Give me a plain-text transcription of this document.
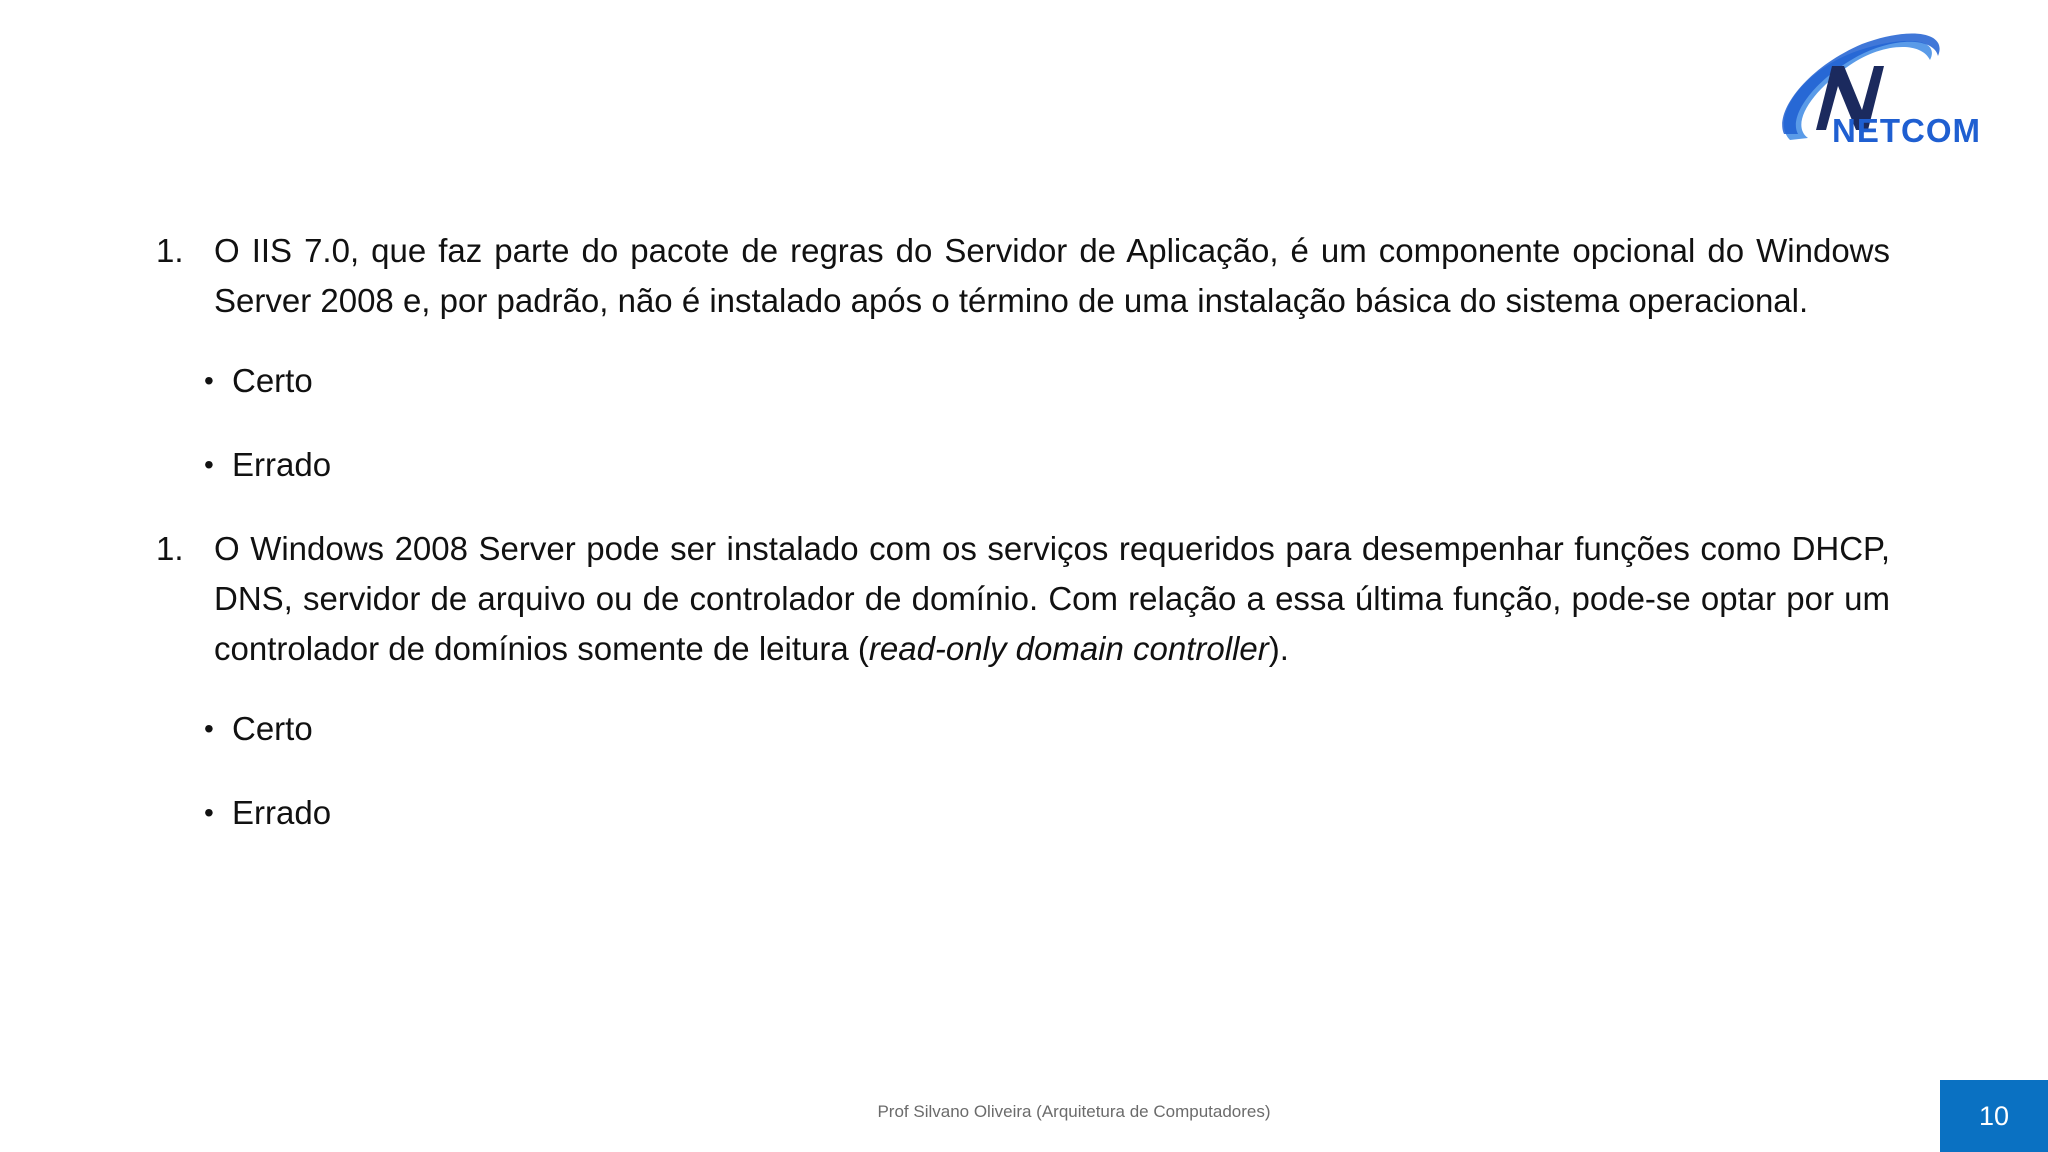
NETCOM
1. O IIS 7.0, que faz parte do pacote de regras do Servidor de Aplicação, é um componente opcional do Windows Server 2008 e, por padrão, não é instalado após o término de uma instalação básica do sistema operacional.
• Certo
• Errado
1. O Windows 2008 Server pode ser instalado com os serviços requeridos para desempenhar funções como DHCP, DNS, servidor de arquivo ou de controlador de domínio. Com relação a essa última função, pode-se optar por um controlador de domínios somente de leitura (read-only domain controller).
• Certo
• Errado
Prof Silvano Oliveira (Arquitetura de Computadores)	10
